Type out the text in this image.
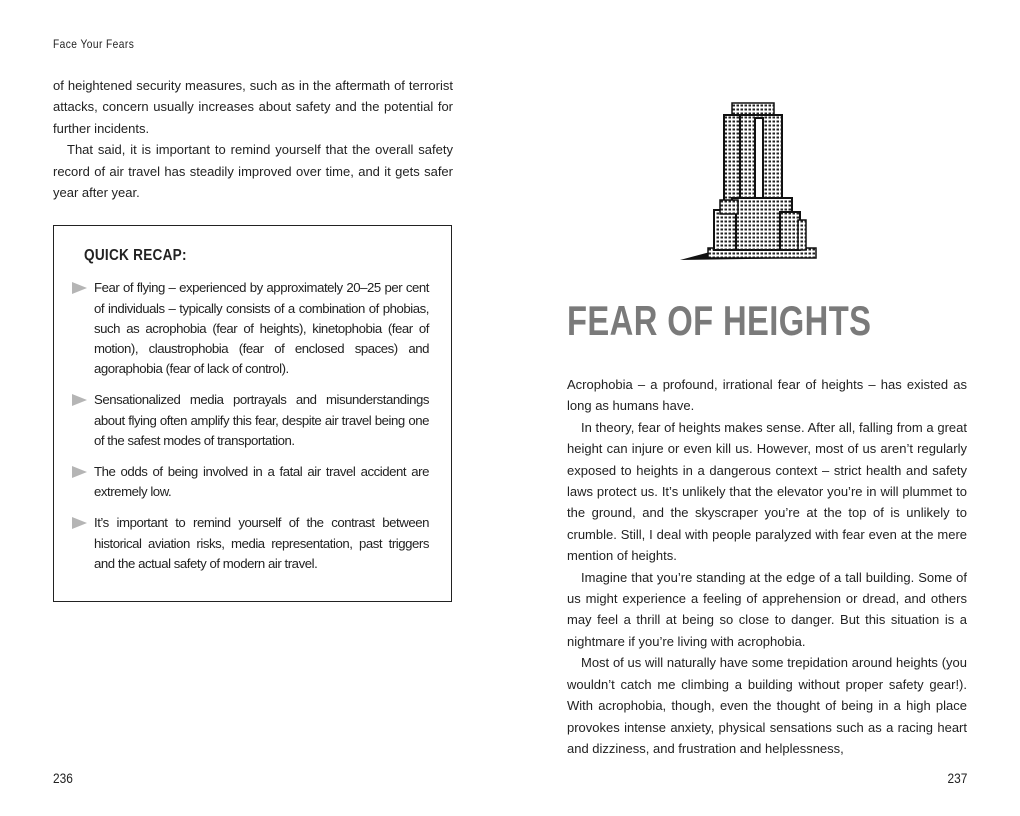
Face Your Fears

of heightened security measures, such as in the aftermath of terrorist attacks, concern usually increases about safety and the potential for further incidents.

That said, it is important to remind yourself that the overall safety record of air travel has steadily improved over time, and it gets safer year after year.

QUICK RECAP:
Fear of flying – experienced by approximately 20–25 per cent of individuals – typically consists of a combination of phobias, such as acrophobia (fear of heights), kinetophobia (fear of motion), claustrophobia (fear of enclosed spaces) and agoraphobia (fear of lack of control).
Sensationalized media portrayals and misunderstandings about flying often amplify this fear, despite air travel being one of the safest modes of transportation.
The odds of being involved in a fatal air travel accident are extremely low.
It’s important to remind yourself of the contrast between historical aviation risks, media representation, past triggers and the actual safety of modern air travel.
236
FEAR OF HEIGHTS

Acrophobia – a profound, irrational fear of heights – has existed as long as humans have.

In theory, fear of heights makes sense. After all, falling from a great height can injure or even kill us. However, most of us aren’t regularly exposed to heights in a dangerous context – strict health and safety laws protect us. It’s unlikely that the elevator you’re in will plummet to the ground, and the skyscraper you’re at the top of is unlikely to crumble. Still, I deal with people paralyzed with fear even at the mere mention of heights.

Imagine that you’re standing at the edge of a tall building. Some of us might experience a feeling of apprehension or dread, and others may feel a thrill at being so close to danger. But this situation is a nightmare if you’re living with acrophobia.

Most of us will naturally have some trepidation around heights (you wouldn’t catch me climbing a building without proper safety gear!). With acrophobia, though, even the thought of being in a high place provokes intense anxiety, physical sensations such as a racing heart and dizziness, and frustration and helplessness,

237
